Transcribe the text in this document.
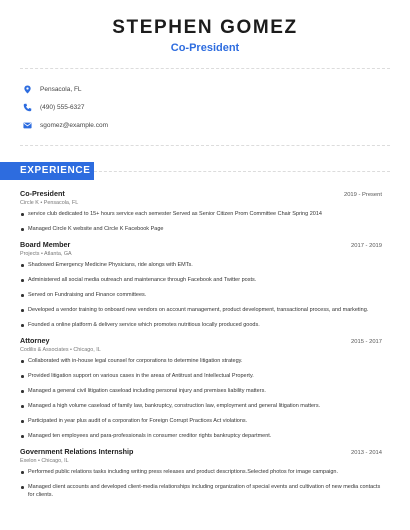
STEPHEN GOMEZ
Co-President
Pensacola, FL
(490) 555-6327
sgomez@example.com
EXPERIENCE
Co-President	2019 - Present
Circle K • Pensacola, FL
service club dedicated to 15+ hours service each semester Served as Senior Citizen Prom Committee Chair Spring 2014
Managed Circle K website and Circle K Facebook Page
Board Member	2017 - 2019
Projects • Atlanta, GA
Shadowed Emergency Medicine Physicians, ride alongs with EMTs.
Administered all social media outreach and maintenance through Facebook and Twitter posts.
Served on Fundraising and Finance committees.
Developed a vendor training to onboard new vendors on account management, product development, transactional process, and marketing.
Founded a online platform & delivery service which promotes nutritious locally produced goods.
Attorney	2015 - 2017
Codilis & Associates • Chicago, IL
Collaborated with in-house legal counsel for corporations to determine litigation strategy.
Provided litigation support on various cases in the areas of Antitrust and Intellectual Property.
Managed a general civil litigation caseload including personal injury and premises liability matters.
Managed a high volume caseload of family law, bankruptcy, construction law, employment and general litigation matters.
Participated in year plus audit of a corporation for Foreign Corrupt Practices Act violations.
Managed ten employees and para-professionals in consumer creditor rights bankruptcy department.
Government Relations Internship	2013 - 2014
Exelon • Chicago, IL
Performed public relations tasks including writing press releases and product descriptions.Selected photos for image campaign.
Managed client accounts and developed client-media relationships including organization of special events and cultivation of new media contacts for clients.
